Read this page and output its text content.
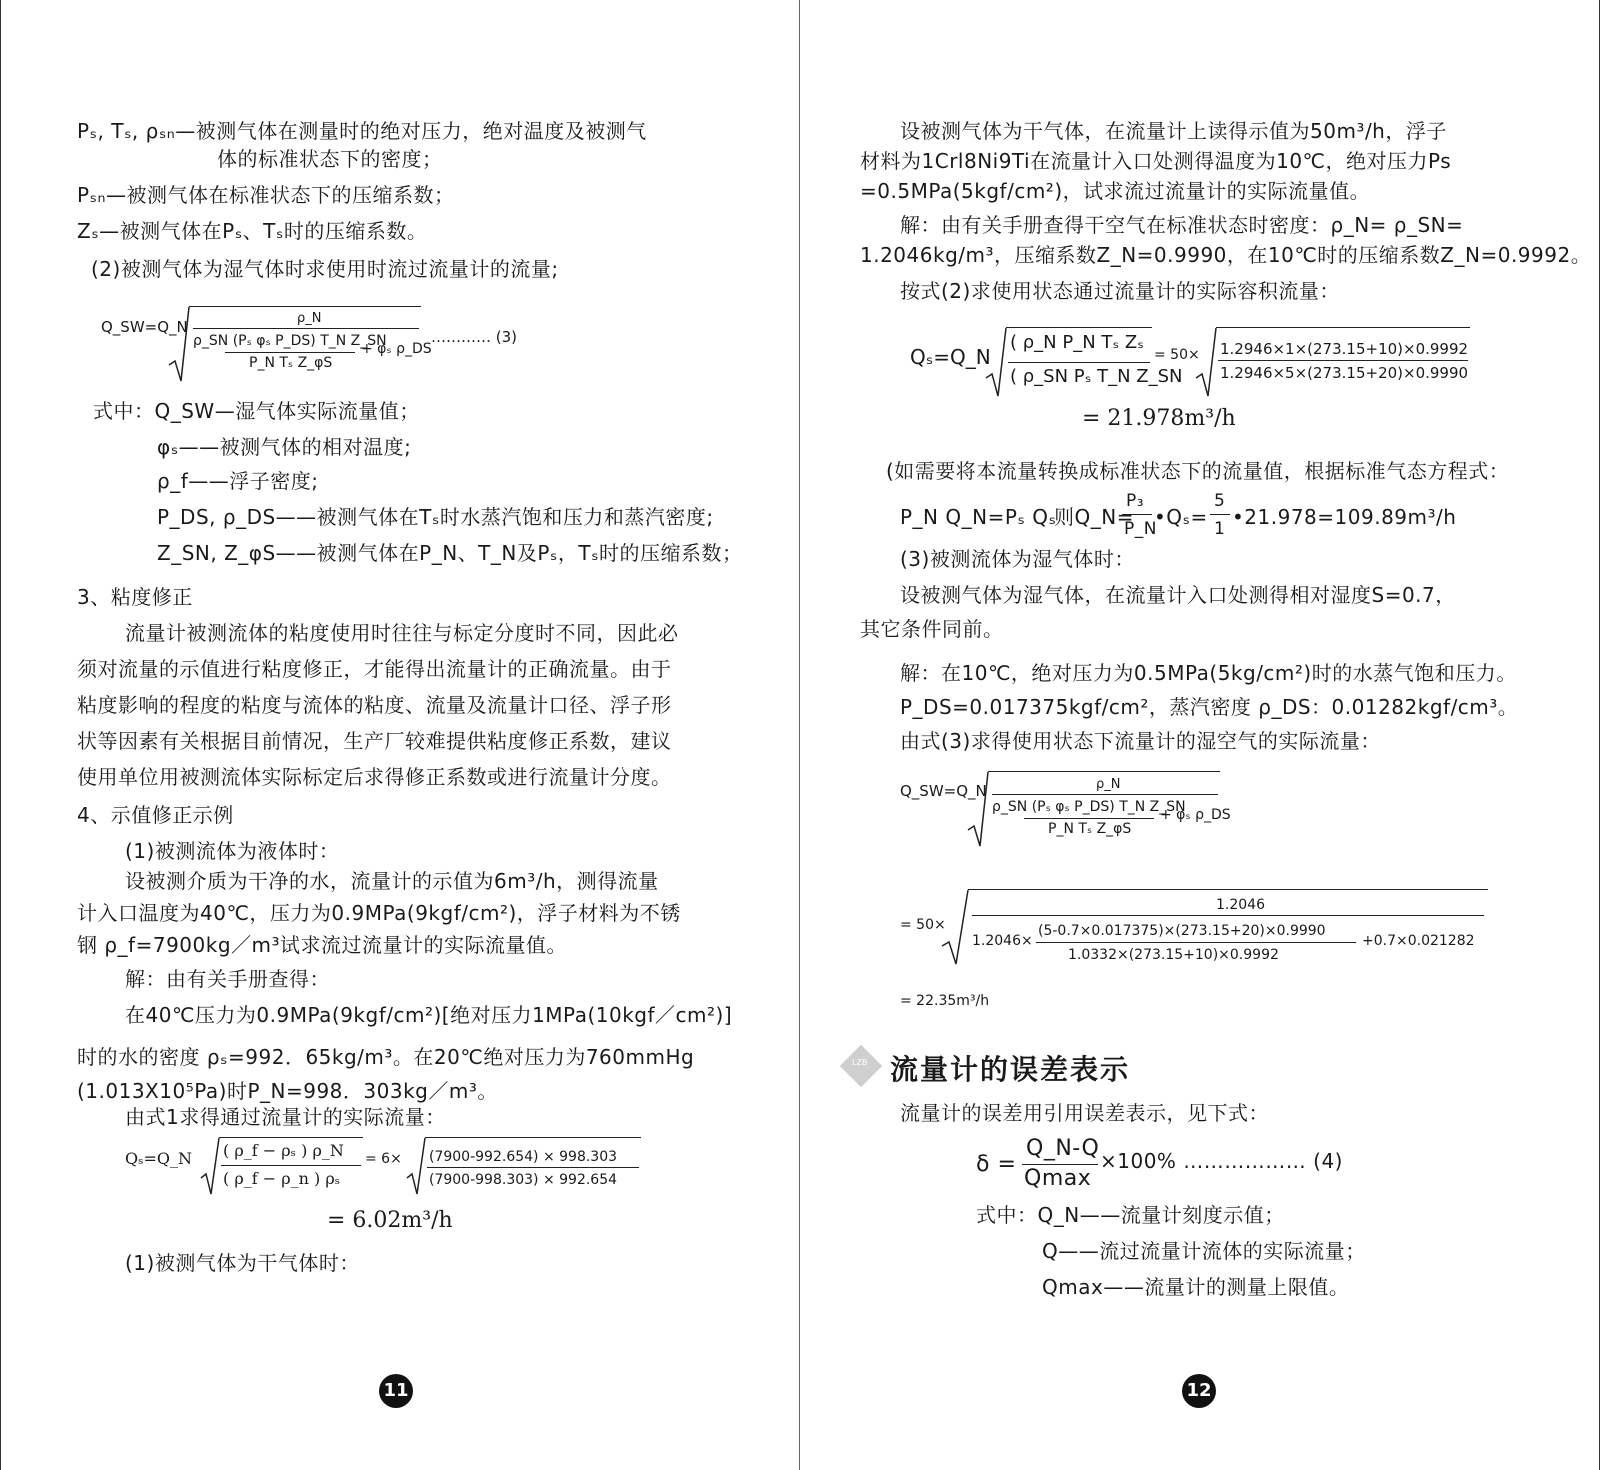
Pₛ, Tₛ, ρₛₙ—被测气体在测量时的绝对压力，绝对温度及被测气
体的标准状态下的密度；
Pₛₙ—被测气体在标准状态下的压缩系数；
Zₛ—被测气体在Pₛ、Tₛ时的压缩系数。
(2)被测气体为湿气体时求使用时流过流量计的流量;
Q_SW=Q_N	ρ_N
ρ_SN (Pₛ φₛ P_DS) T_N Z_SN
+ φₛ ρ_DS
P_N Tₛ Z_φS
………… (3)
式中：Q_SW—湿气体实际流量值；
φₛ——被测气体的相对温度;
ρ_f——浮子密度;
P_DS, ρ_DS——被测气体在Tₛ时水蒸汽饱和压力和蒸汽密度;
Z_SN, Z_φS——被测气体在P_N、T_N及Pₛ，Tₛ时的压缩系数；
3、粘度修正
流量计被测流体的粘度使用时往往与标定分度时不同，因此必
须对流量的示值进行粘度修正，才能得出流量计的正确流量。由于
粘度影响的程度的粘度与流体的粘度、流量及流量计口径、浮子形
状等因素有关根据目前情况，生产厂较难提供粘度修正系数，建议
使用单位用被测流体实际标定后求得修正系数或进行流量计分度。
4、示值修正示例
(1)被测流体为液体时：
设被测介质为干净的水，流量计的示值为6m³/h，测得流量
计入口温度为40℃，压力为0.9MPa(9kgf/cm²)，浮子材料为不锈
钢 ρ_f=7900kg／m³试求流过流量计的实际流量值。
解：由有关手册查得：
在40℃压力为0.9MPa(9kgf/cm²)[绝对压力1MPa(10kgf／cm²)]
时的水的密度 ρₛ=992．65kg/m³。在20℃绝对压力为760mmHg
(1.013X10⁵Pa)时P_N=998．303kg／m³。
由式1求得通过流量计的实际流量：
Qₛ=Q_N ( ρ_f − ρₛ ) ρ_N
( ρ_f − ρ_n ) ρₛ
= 6× (7900-992.654) × 998.303
(7900-998.303) × 992.654
= 6.02m³/h
(1)被测气体为干气体时：
11
设被测气体为干气体，在流量计上读得示值为50m³/h，浮子
材料为1Crl8Ni9Ti在流量计入口处测得温度为10℃，绝对压力Ps
=0.5MPa(5kgf/cm²)，试求流过流量计的实际流量值。
解：由有关手册查得干空气在标准状态时密度：ρ_N= ρ_SN=
1.2046kg/m³，压缩系数Z_N=0.9990，在10℃时的压缩系数Z_N=0.9992。
按式(2)求使用状态通过流量计的实际容积流量：
Qₛ=Q_N
( ρ_N P_N Tₛ Zₛ
( ρ_SN Pₛ T_N Z_SN
= 50× 1.2946×1×(273.15+10)×0.9992
1.2946×5×(273.15+20)×0.9990
= 21.978m³/h
(如需要将本流量转换成标准状态下的流量值，根据标准气态方程式：
P_N Q_N=Pₛ Qₛ
则Q_N=
P₃
P_N
•Qₛ=
5
1 •21.978=109.89m³/h
(3)被测流体为湿气体时：
设被测气体为湿气体，在流量计入口处测得相对湿度S=0.7，
其它条件同前。
解：在10℃，绝对压力为0.5MPa(5kg/cm²)时的水蒸气饱和压力。
P_DS=0.017375kgf/cm²，蒸汽密度 ρ_DS：0.01282kgf/cm³。
由式(3)求得使用状态下流量计的湿空气的实际流量：
Q_SW=Q_N	ρ_N
ρ_SN (Pₛ φₛ P_DS) T_N Z_SN
+ φₛ ρ_DS
P_N Tₛ Z_φS
= 50×
1.2046
1.2046×
(5-0.7×0.017375)×(273.15+20)×0.9990
1.0332×(273.15+10)×0.9992
+0.7×0.021282
= 22.35m³/h
LZB 流量计的误差表示
流量计的误差用引用误差表示，见下式：
δ =
Q_N-Q
Qmax
×100% ……………… (4)
式中：Q_N——流量计刻度示值；
Q——流过流量计流体的实际流量；
Qmax——流量计的测量上限值。
12
